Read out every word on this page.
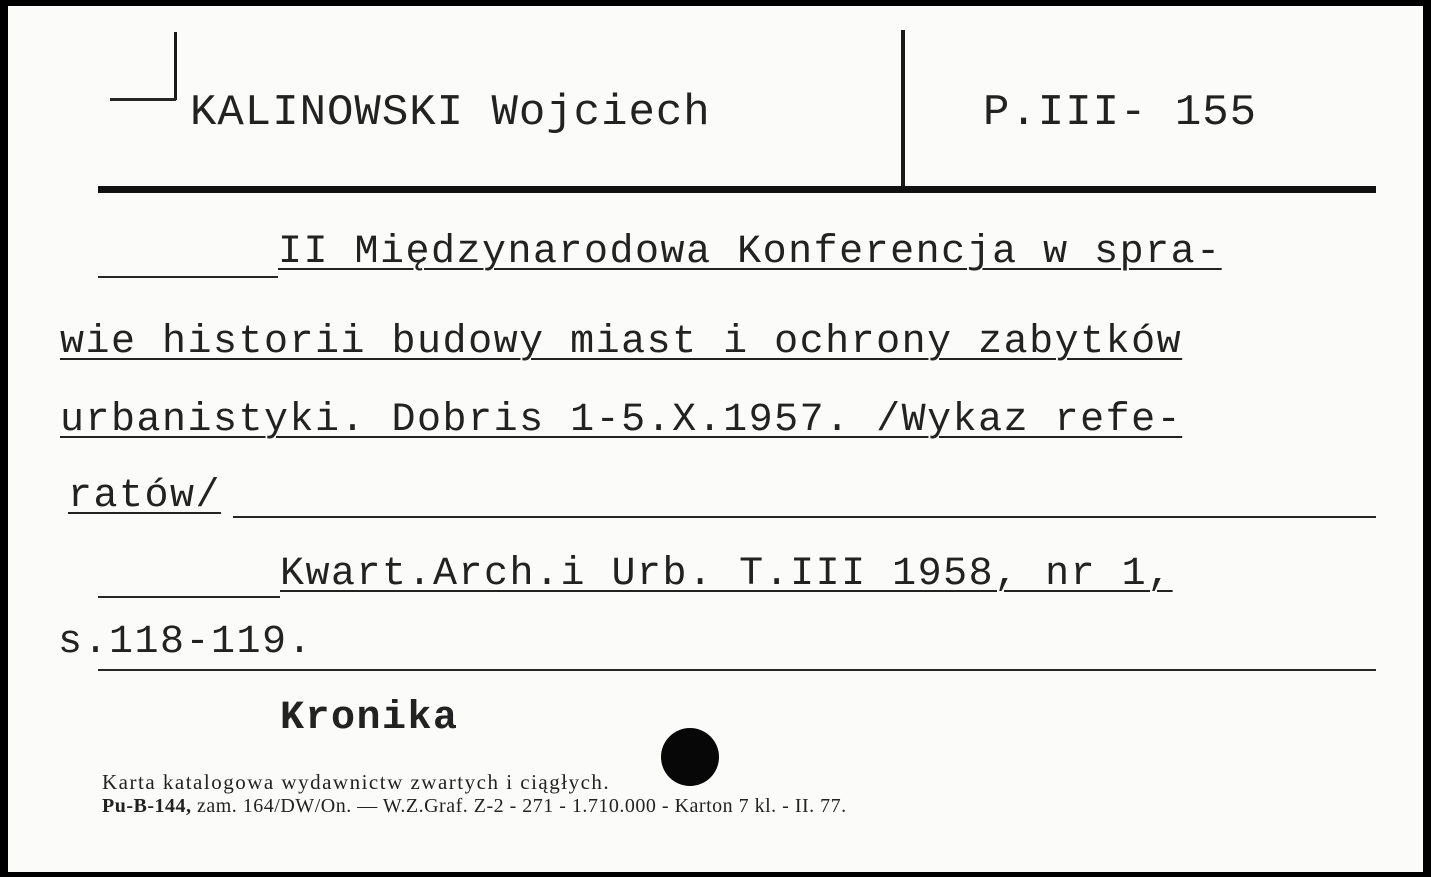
KALINOWSKI Wojciech	P.III- 155
II Międzynarodowa Konferencja w spra-
wie historii budowy miast i ochrony zabytków
urbanistyki. Dobris 1-5.X.1957. /Wykaz refe-
ratów/
Kwart.Arch.i Urb. T.III 1958, nr 1,
s.118-119.
Kronika
Karta katalogowa wydawnictw zwartych i ciągłych.
Pu-B-144, zam. 164/DW/On. — W.Z.Graf. Z-2 - 271 - 1.710.000 - Karton 7 kl. - II. 77.
